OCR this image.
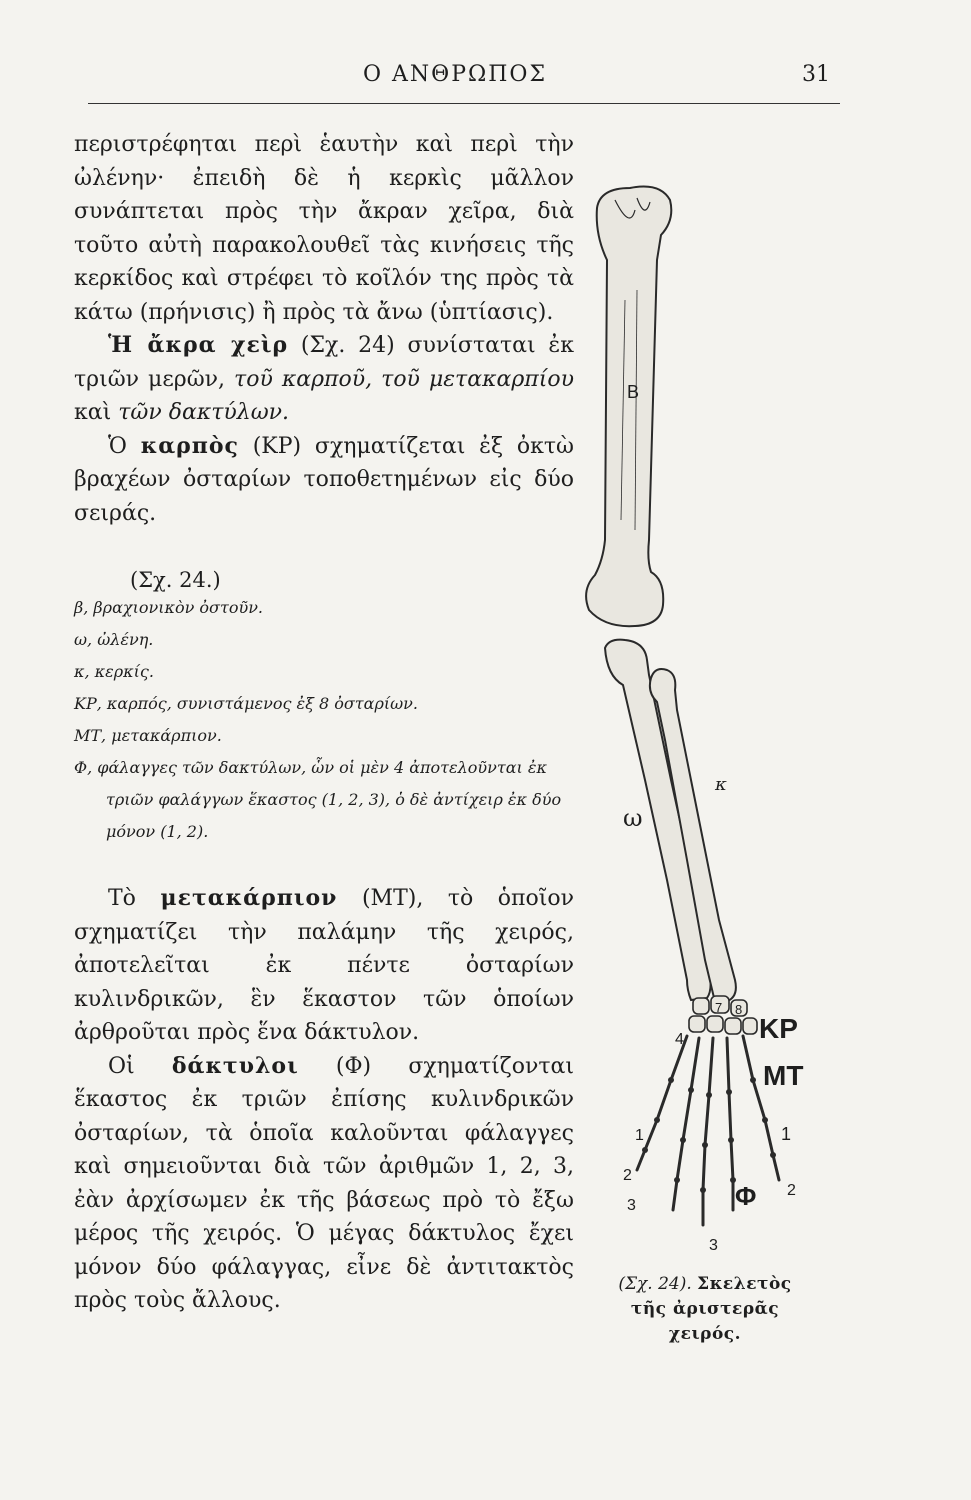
Ο ΑΝΘΡΩΠΟΣ	31

περιστρέφηται περὶ ἑαυτὴν καὶ περὶ τὴν ὠλένην· ἐπειδὴ δὲ ἡ κερκὶς μᾶλλον συνάπτεται πρὸς τὴν ἄκραν χεῖρα, διὰ τοῦτο αὐτὴ παρακολουθεῖ τὰς κινήσεις τῆς κερκίδος καὶ στρέφει τὸ κοῖλόν της πρὸς τὰ κάτω (πρήνισις) ἢ πρὸς τὰ ἄνω (ὑπτίασις).

Ἡ ἄκρα χεὶρ (Σχ. 24) συνίσταται ἐκ τριῶν μερῶν, τοῦ καρποῦ, τοῦ μετακαρπίου καὶ τῶν δακτύλων.

Ὁ καρπὸς (ΚΡ) σχηματίζεται ἐξ ὀκτὼ βραχέων ὀσταρίων τοποθετημένων εἰς δύο σειράς.

(Σχ. 24.)
β, βραχιονικὸν ὀστοῦν.
ω, ὠλένη.
κ, κερκίς.
ΚΡ, καρπός, συνιστάμενος ἐξ 8 ὀσταρίων.
ΜΤ, μετακάρπιον.
Φ, φάλαγγες τῶν δακτύλων, ὧν οἱ μὲν 4 ἀποτελοῦνται ἐκ τριῶν φαλάγγων ἕκαστος (1, 2, 3), ὁ δὲ ἀντίχειρ ἐκ δύο μόνον (1, 2).

Τὸ μετακάρπιον (ΜΤ), τὸ ὁποῖον σχηματίζει τὴν παλάμην τῆς χειρός, ἀποτελεῖται ἐκ πέντε ὀσταρίων κυλινδρικῶν, ἓν ἕκαστον τῶν ὁποίων ἀρθροῦται πρὸς ἕνα δάκτυλον.

Οἱ δάκτυλοι (Φ) σχηματίζονται ἕκαστος ἐκ τριῶν ἐπίσης κυλινδρικῶν ὀσταρίων, τὰ ὁποῖα καλοῦνται φάλαγγες καὶ σημειοῦνται διὰ τῶν ἀριθμῶν 1, 2, 3, ἐὰν ἀρχίσωμεν ἐκ τῆς βάσεως πρὸ τὸ ἔξω μέρος τῆς χειρός. Ὁ μέγας δάκτυλος ἔχει μόνον δύο φάλαγγας, εἶνε δὲ ἀντιτακτὸς πρὸς τοὺς ἄλλους.

B
ω
κ
KP
MT
Φ
4
7 8
1
2
3
1
2
3
(Σχ. 24). Σκελετὸς
τῆς ἀριστερᾶς
χειρός.
